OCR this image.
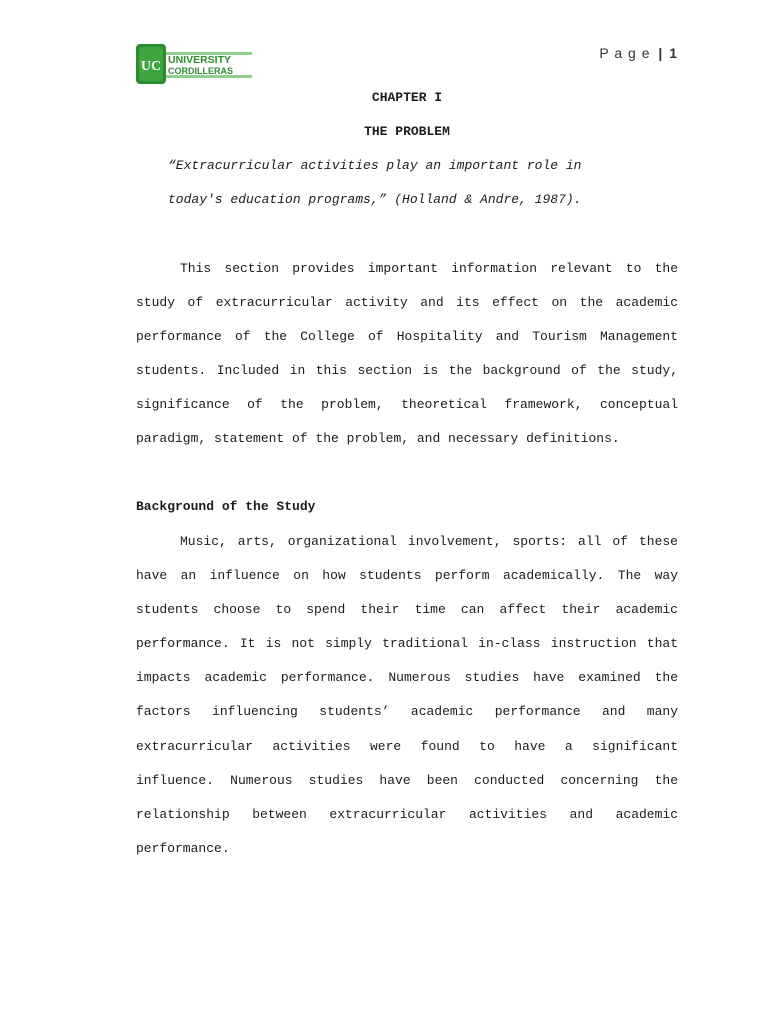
UC UNIVERSITY
CORDILLERAS
P a g e | 1

CHAPTER I

THE PROBLEM

“Extracurricular activities play an important role in

today's education programs,” (Holland & Andre, 1987).

This section provides important information relevant to the study of extracurricular activity and its effect on the academic performance of the College of Hospitality and Tourism Management students. Included in this section is the background of the study, significance of the problem, theoretical framework, conceptual paradigm, statement of the problem, and necessary definitions.

Background of the Study

Music, arts, organizational involvement, sports: all of these have an influence on how students perform academically. The way students choose to spend their time can affect their academic performance. It is not simply traditional in-class instruction that impacts academic performance. Numerous studies have examined the factors influencing students’ academic performance and many extracurricular activities were found to have a significant influence. Numerous studies have been conducted concerning the relationship between extracurricular activities and academic performance.
